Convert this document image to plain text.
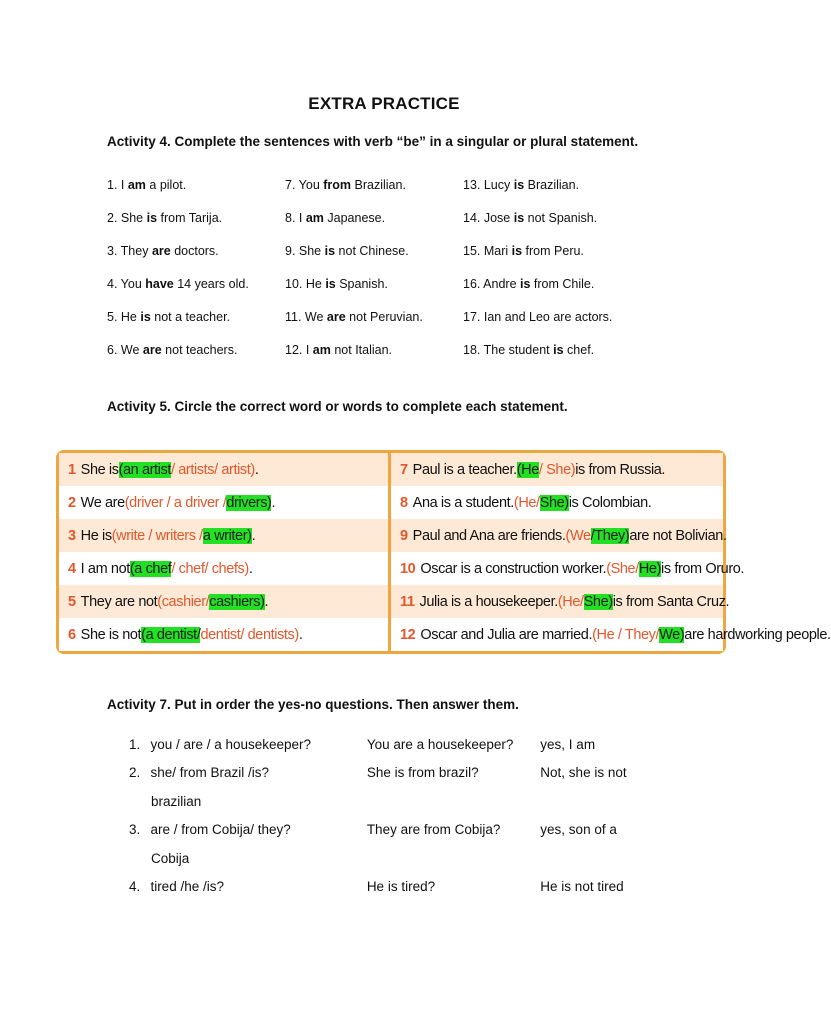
EXTRA PRACTICE
Activity 4. Complete the sentences with verb “be” in a singular or plural statement.
1. I am a pilot.	7. You from Brazilian.	13. Lucy is Brazilian.
2. She is from Tarija.	8. I am Japanese.	14. Jose is not Spanish.
3. They are doctors.	9. She is not Chinese.	15. Mari is from Peru.
4. You have 14 years old.	10. He is Spanish.	16. Andre is from Chile.
5. He is not a teacher.	11. We are not Peruvian.	17. Ian and Leo are actors.
6. We are not teachers.	12. I am not Italian.	18. The student is chef.
Activity 5. Circle the correct word or words to complete each statement.
1 She is (an artist / artists/ artist) .
2 We are (driver / a driver / drivers) .
3 He is (write / writers / a writer) .
4 I am not (a chef / chef/ chefs) .
5 They are not (cashier/ cashiers) .
6 She is not (a dentist/ dentist/ dentists) .
7 Paul is a teacher. (He / She) is from Russia.
8 Ana is a student. (He/ She) is Colombian.
9 Paul and Ana are friends. (We /They) are not Bolivian.
10 Oscar is a construction worker. (She/ He) is from Oruro.
11 Julia is a housekeeper. (He/ She) is from Santa Cruz.
12 Oscar and Julia are married. (He / They/ We) are hardworking people.
Activity 7. Put in order the yes-no questions. Then answer them.
1. you / are / a housekeeper?	You are a housekeeper?	yes, I am
2. she/ from Brazil /is?	She is from brazil?	Not, she is not
brazilian
3. are / from Cobija/ they?	They are from Cobija?	yes, son of a
Cobija
4. tired /he /is?	He is tired?	He is not tired
